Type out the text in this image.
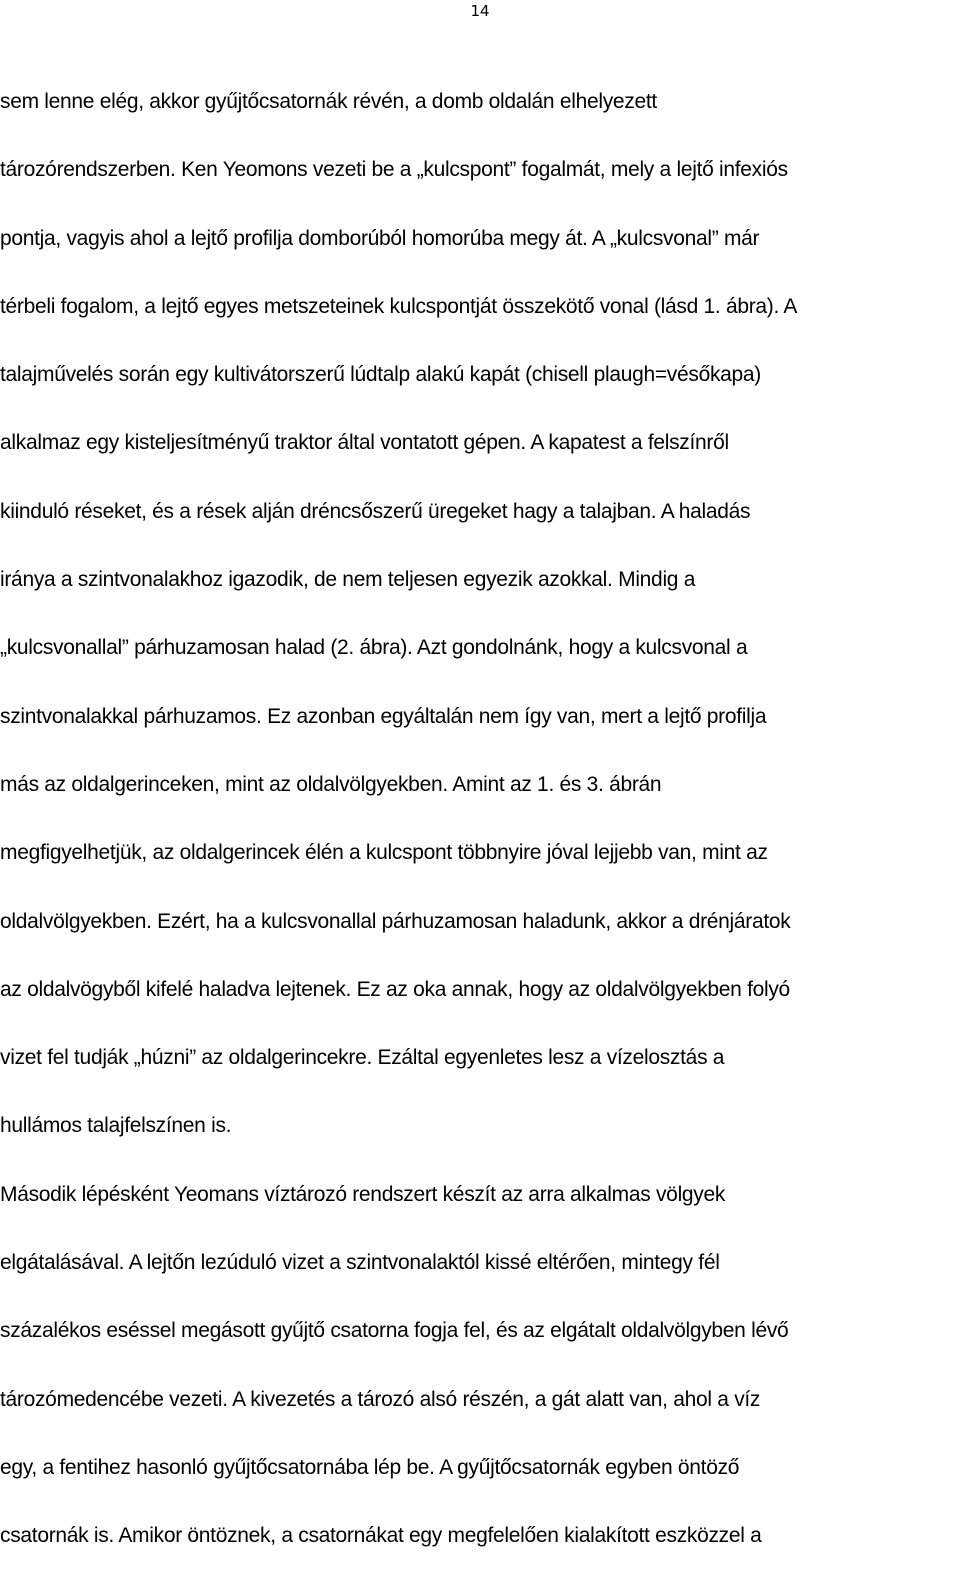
14
sem lenne elég, akkor gyűjtőcsatornák révén, a domb oldalán elhelyezett
tározórendszerben. Ken Yeomons vezeti be a „kulcspont” fogalmát, mely a lejtő infexiós
pontja, vagyis ahol a lejtő profilja domborúból homorúba megy át. A „kulcsvonal” már
térbeli fogalom, a lejtő egyes metszeteinek kulcspontját összekötő vonal (lásd 1. ábra). A
talajművelés során egy kultivátorszerű lúdtalp alakú kapát (chisell plaugh=vésőkapa)
alkalmaz egy kisteljesítményű traktor által vontatott gépen. A kapatest a felszínről
kiinduló réseket, és a rések alján dréncsőszerű üregeket hagy a talajban. A haladás
iránya a szintvonalakhoz igazodik, de nem teljesen egyezik azokkal. Mindig a
„kulcsvonallal” párhuzamosan halad (2. ábra). Azt gondolnánk, hogy a kulcsvonal a
szintvonalakkal párhuzamos. Ez azonban egyáltalán nem így van, mert a lejtő profilja
más az oldalgerinceken, mint az oldalvölgyekben. Amint az 1. és 3. ábrán
megfigyelhetjük, az oldalgerincek élén a kulcspont többnyire jóval lejjebb van, mint az
oldalvölgyekben. Ezért, ha a kulcsvonallal párhuzamosan haladunk, akkor a drénjáratok
az oldalvögyből kifelé haladva lejtenek. Ez az oka annak, hogy az oldalvölgyekben folyó
vizet fel tudják „húzni” az oldalgerincekre. Ezáltal egyenletes lesz a vízelosztás a
hullámos talajfelszínen is.
Második lépésként Yeomans víztározó rendszert készít az arra alkalmas völgyek
elgátalásával. A lejtőn lezúduló vizet a szintvonalaktól kissé eltérően, mintegy fél
százalékos eséssel megásott gyűjtő csatorna fogja fel, és az elgátalt oldalvölgyben lévő
tározómedencébe vezeti. A kivezetés a tározó alsó részén, a gát alatt van, ahol a víz
egy, a fentihez hasonló gyűjtőcsatornába lép be. A gyűjtőcsatornák egyben öntöző
csatornák is. Amikor öntöznek, a csatornákat egy megfelelően kialakított eszközzel a
